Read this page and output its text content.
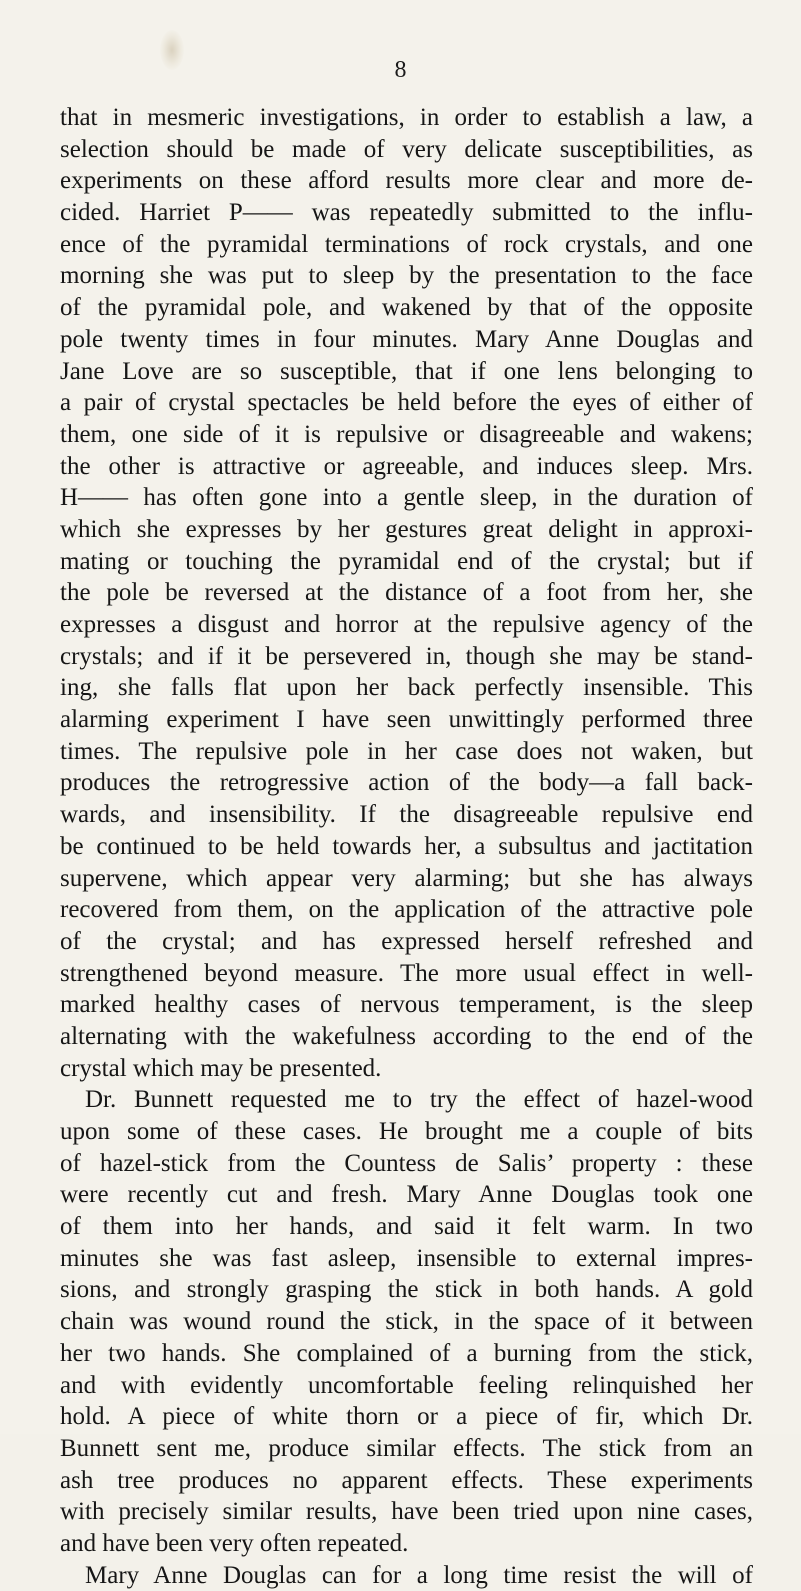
8
that in mesmeric investigations, in order to establish a law, a
selection should be made of very delicate susceptibilities, as
experiments on these afford results more clear and more de-
cided. Harriet P—— was repeatedly submitted to the influ-
ence of the pyramidal terminations of rock crystals, and one
morning she was put to sleep by the presentation to the face
of the pyramidal pole, and wakened by that of the opposite
pole twenty times in four minutes. Mary Anne Douglas and
Jane Love are so susceptible, that if one lens belonging to
a pair of crystal spectacles be held before the eyes of either of
them, one side of it is repulsive or disagreeable and wakens;
the other is attractive or agreeable, and induces sleep. Mrs.
H—— has often gone into a gentle sleep, in the duration of
which she expresses by her gestures great delight in approxi-
mating or touching the pyramidal end of the crystal; but if
the pole be reversed at the distance of a foot from her, she
expresses a disgust and horror at the repulsive agency of the
crystals; and if it be persevered in, though she may be stand-
ing, she falls flat upon her back perfectly insensible. This
alarming experiment I have seen unwittingly performed three
times. The repulsive pole in her case does not waken, but
produces the retrogressive action of the body—a fall back-
wards, and insensibility. If the disagreeable repulsive end
be continued to be held towards her, a subsultus and jactitation
supervene, which appear very alarming; but she has always
recovered from them, on the application of the attractive pole
of the crystal; and has expressed herself refreshed and
strengthened beyond measure. The more usual effect in well-
marked healthy cases of nervous temperament, is the sleep
alternating with the wakefulness according to the end of the
crystal which may be presented.
Dr. Bunnett requested me to try the effect of hazel-wood
upon some of these cases. He brought me a couple of bits
of hazel-stick from the Countess de Salis’ property : these
were recently cut and fresh. Mary Anne Douglas took one
of them into her hands, and said it felt warm. In two
minutes she was fast asleep, insensible to external impres-
sions, and strongly grasping the stick in both hands. A gold
chain was wound round the stick, in the space of it between
her two hands. She complained of a burning from the stick,
and with evidently uncomfortable feeling relinquished her
hold. A piece of white thorn or a piece of fir, which Dr.
Bunnett sent me, produce similar effects. The stick from an
ash tree produces no apparent effects. These experiments
with precisely similar results, have been tried upon nine cases,
and have been very often repeated.
Mary Anne Douglas can for a long time resist the will of
